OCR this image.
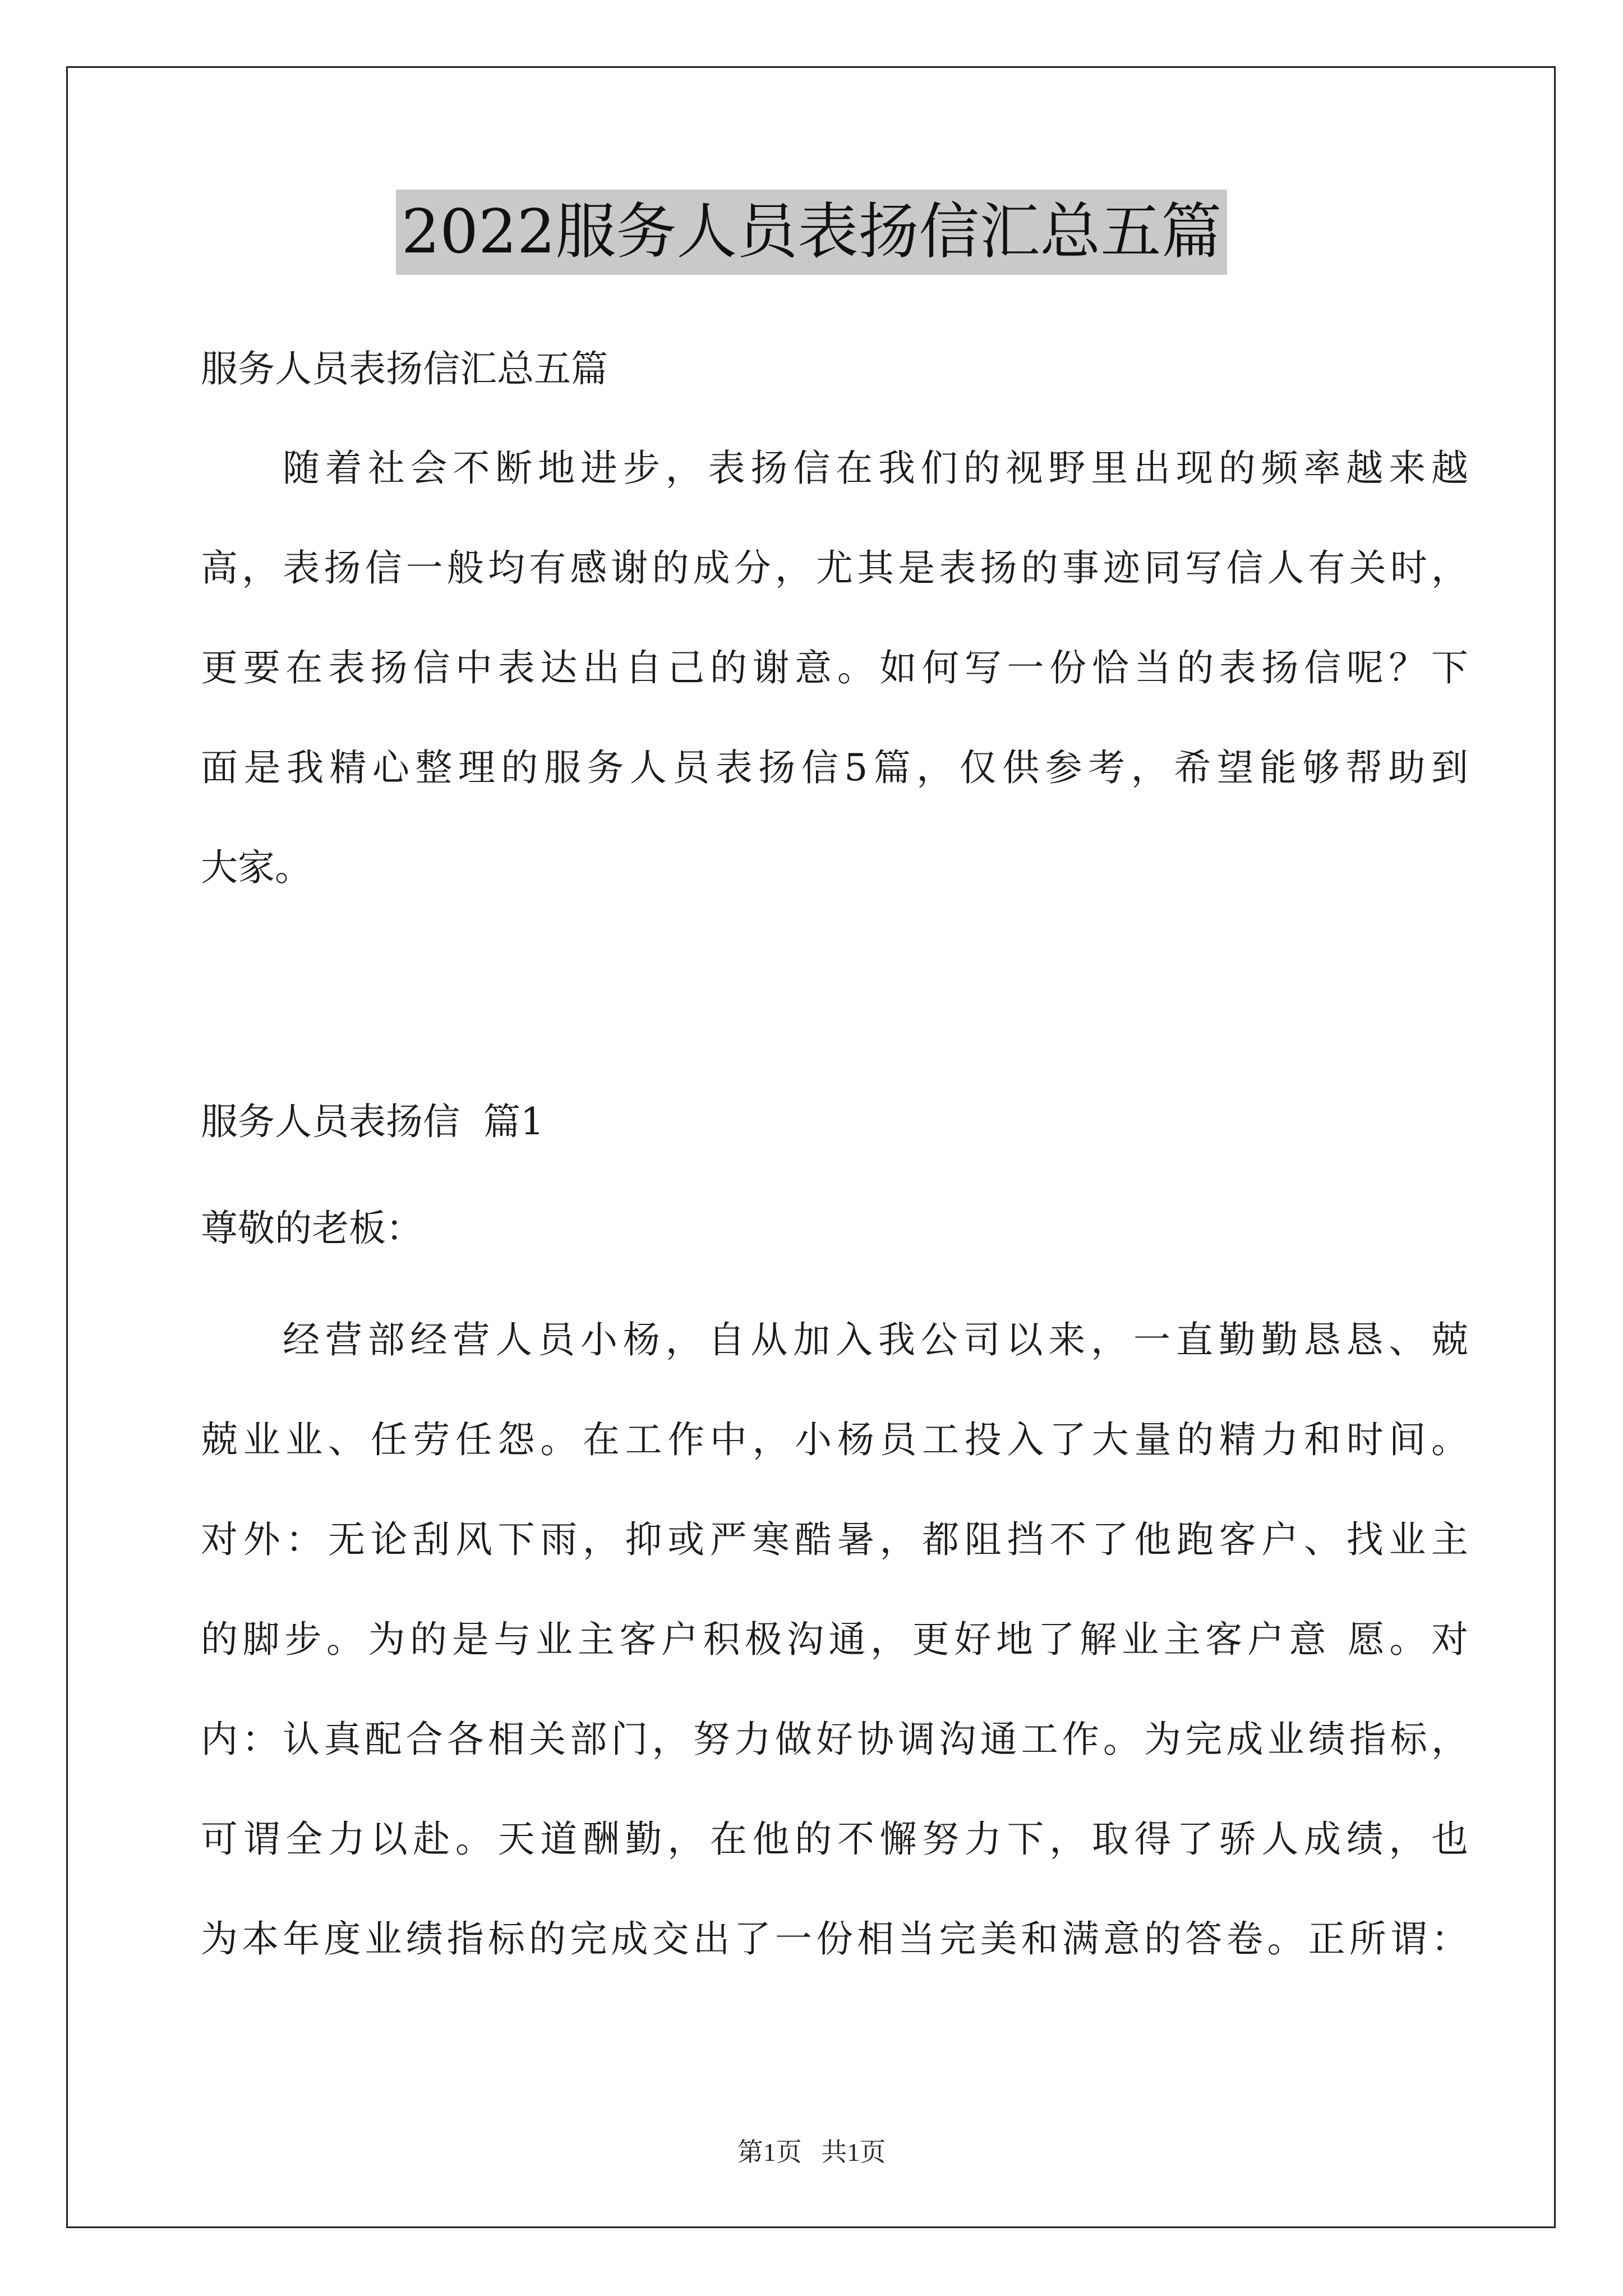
2022服务人员表扬信汇总五篇
服务人员表扬信汇总五篇
随着社会不断地进步，表扬信在我们的视野里出现的频率越来越
高，表扬信一般均有感谢的成分，尤其是表扬的事迹同写信人有关时，
更要在表扬信中表达出自己的谢意。如何写一份恰当的表扬信呢？下
面是我精心整理的服务人员表扬信5篇，仅供参考，希望能够帮助到
大家。
服务人员表扬信  篇1
尊敬的老板：
经营部经营人员小杨，自从加入我公司以来，一直勤勤恳恳、兢
兢业业、任劳任怨。在工作中，小杨员工投入了大量的精力和时间。
对外：无论刮风下雨，抑或严寒酷暑，都阻挡不了他跑客户、找业主
的脚步。为的是与业主客户积极沟通，更好地了解业主客户意 愿。对
内：认真配合各相关部门，努力做好协调沟通工作。为完成业绩指标，
可谓全力以赴。天道酬勤，在他的不懈努力下，取得了骄人成绩，也
为本年度业绩指标的完成交出了一份相当完美和满意的答卷。正所谓：
第1页   共1页
